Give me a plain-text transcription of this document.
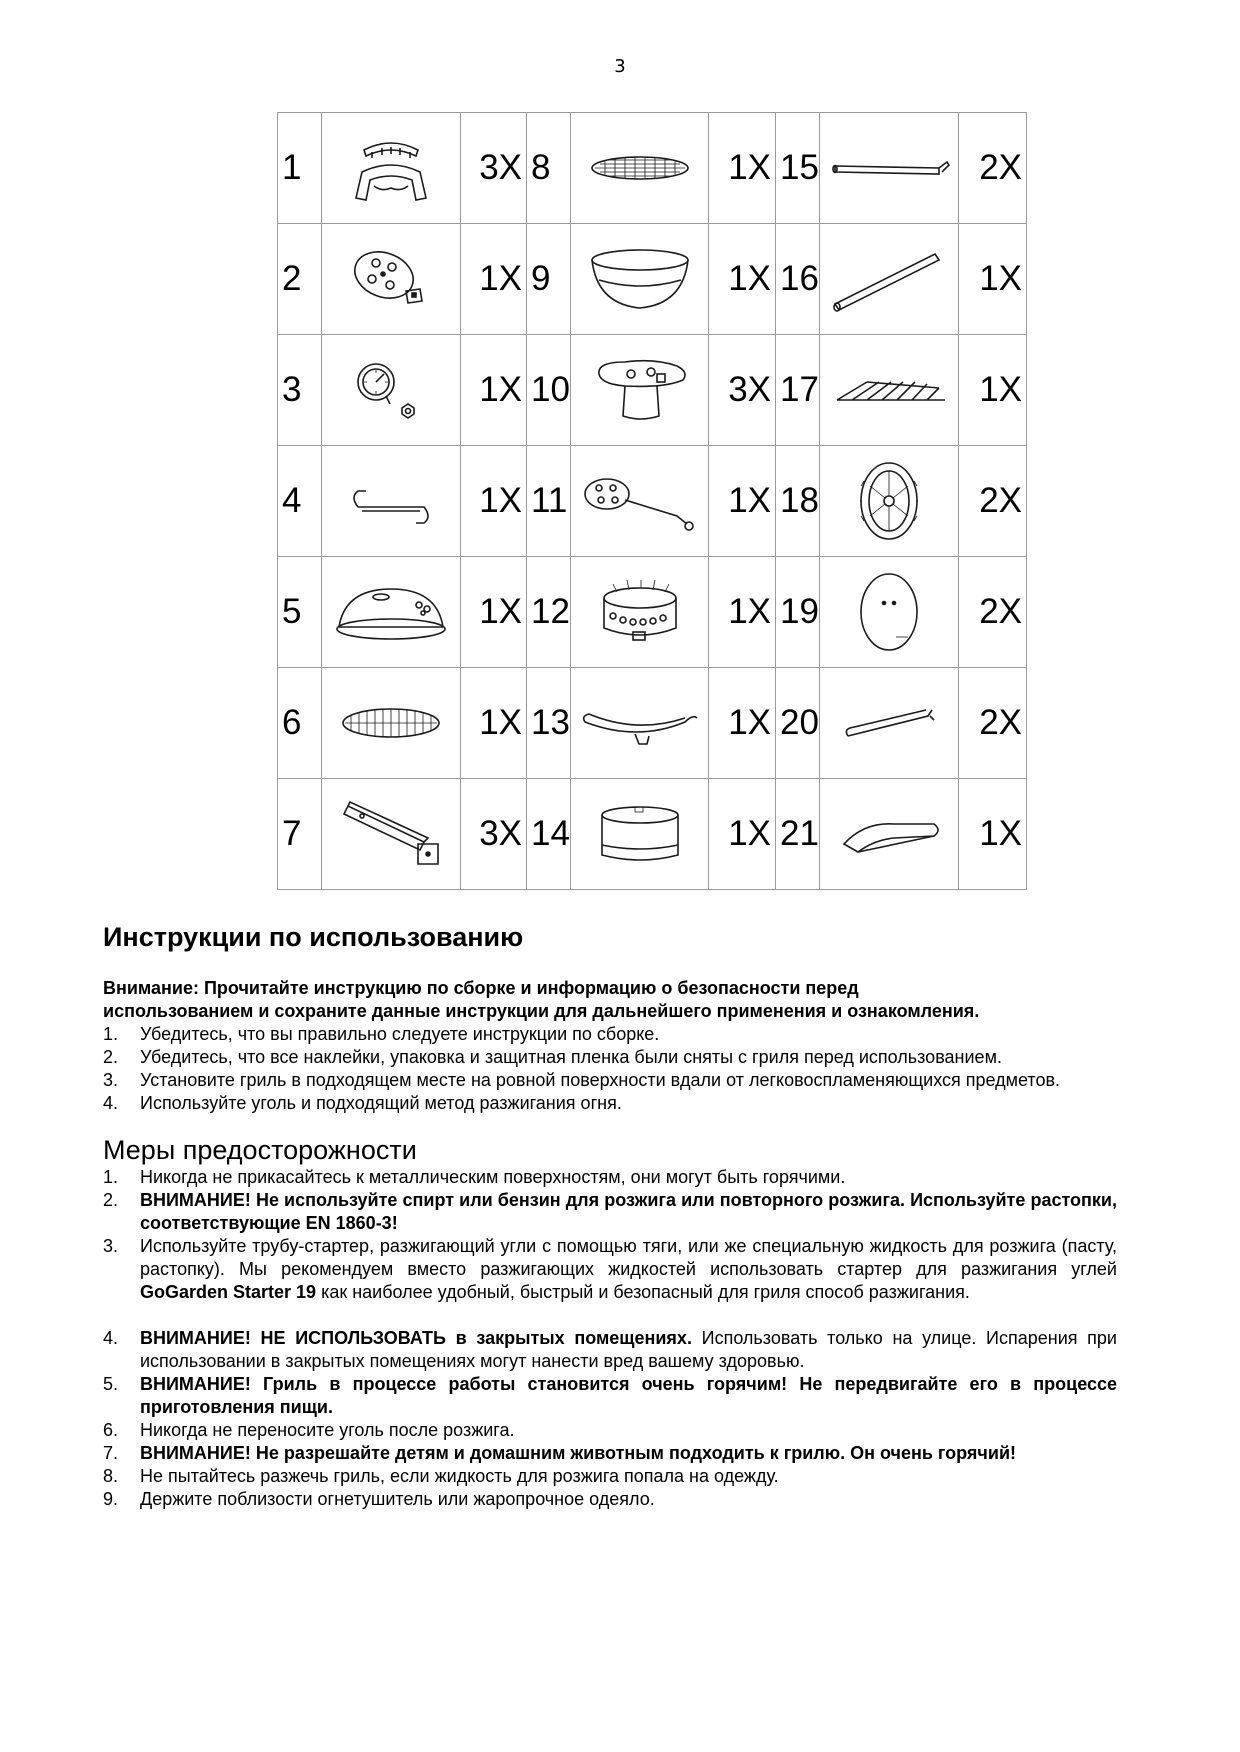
3
1		3X	8		1X	15		2X
2		1X	9		1X	16		1X
3		1X	10		3X	17		1X
4		1X	11		1X	18		2X
5		1X	12		1X	19		2X
6		1X	13		1X	20		2X
7		3X	14		1X	21		1X
Инструкции по использованию

Внимание: Прочитайте инструкцию по сборке и информацию о безопасности перед

использованием и сохраните данные инструкции для дальнейшего применения и ознакомления.

1. Убедитесь, что вы правильно следуете инструкции по сборке.
2. Убедитесь, что все наклейки, упаковка и защитная пленка были сняты с гриля перед использованием.
3. Установите гриль в подходящем месте на ровной поверхности вдали от легковоспламеняющихся предметов.
4. Используйте уголь и подходящий метод разжигания огня.
Меры предосторожности
1. Никогда не прикасайтесь к металлическим поверхностям, они могут быть горячими.
2. ВНИМАНИЕ! Не используйте спирт или бензин для розжига или повторного розжига. Используйте растопки, соответствующие EN 1860-3!
3. Используйте трубу-стартер, разжигающий угли с помощью тяги, или же специальную жидкость для розжига (пасту, растопку). Мы рекомендуем вместо разжигающих жидкостей использовать стартер для разжигания углей GoGarden Starter 19 как наиболее удобный, быстрый и безопасный для гриля способ разжигания.
4. ВНИМАНИЕ! НЕ ИСПОЛЬЗОВАТЬ в закрытых помещениях. Использовать только на улице. Испарения при использовании в закрытых помещениях могут нанести вред вашему здоровью.
5. ВНИМАНИЕ! Гриль в процессе работы становится очень горячим! Не передвигайте его в процессе приготовления пищи.
6. Никогда не переносите уголь после розжига.
7. ВНИМАНИЕ! Не разрешайте детям и домашним животным подходить к грилю. Он очень горячий!
8. Не пытайтесь разжечь гриль, если жидкость для розжига попала на одежду.
9. Держите поблизости огнетушитель или жаропрочное одеяло.
